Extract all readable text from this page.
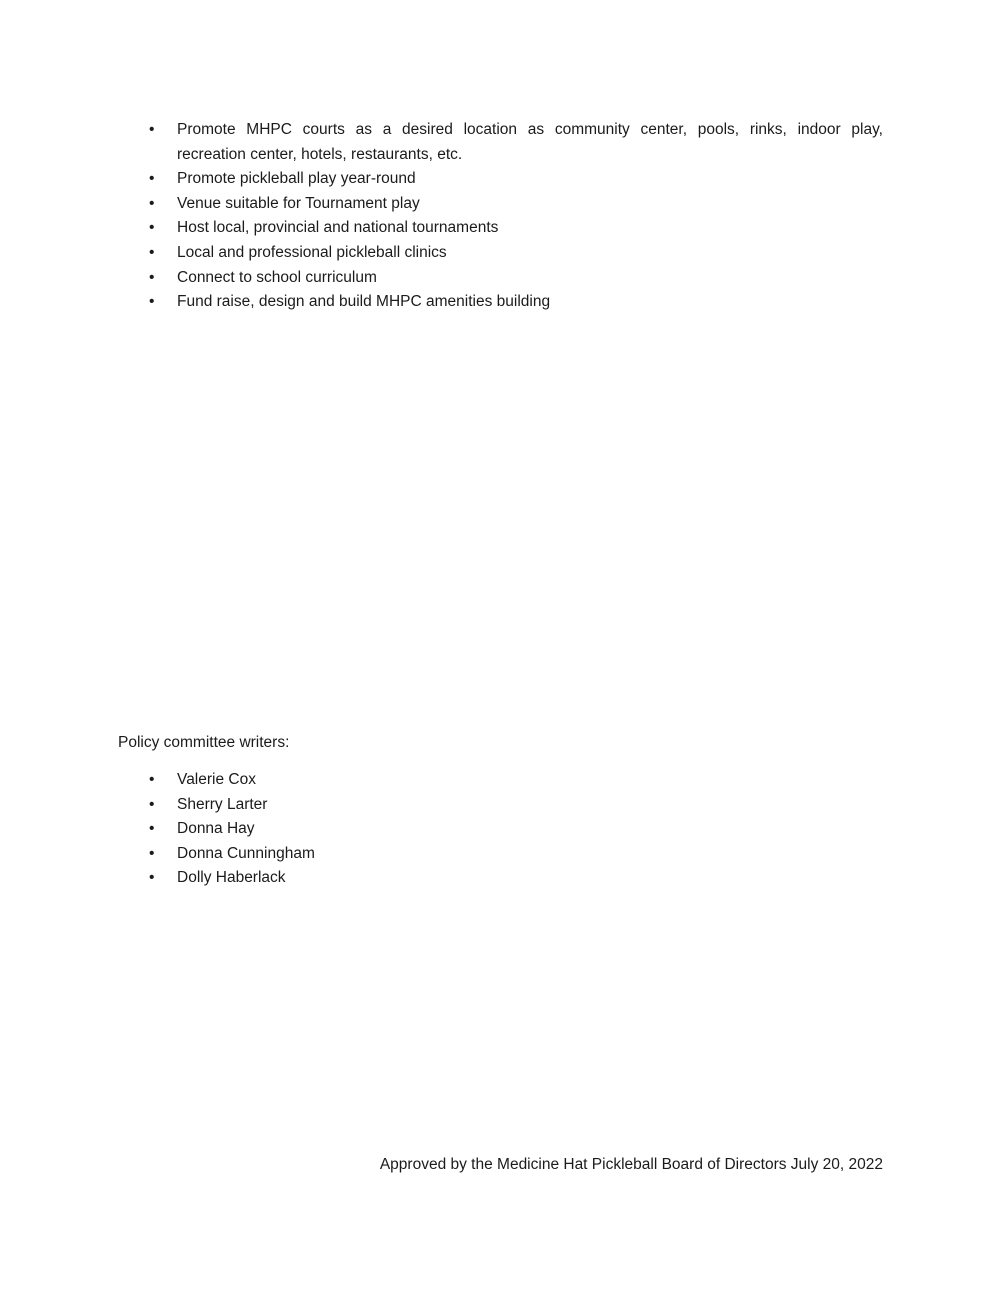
•	Promote MHPC courts as a desired location as community center, pools, rinks, indoor play,
recreation center, hotels, restaurants, etc.
•	Promote pickleball play year-round
•	Venue suitable for Tournament play
•	Host local, provincial and national tournaments
•	Local and professional pickleball clinics
•	Connect to school curriculum
•	Fund raise, design and build MHPC amenities building
Policy committee writers:
•	Valerie Cox
•	Sherry Larter
•	Donna Hay
•	Donna Cunningham
•	Dolly Haberlack
Approved by the Medicine Hat Pickleball Board of Directors July 20, 2022
